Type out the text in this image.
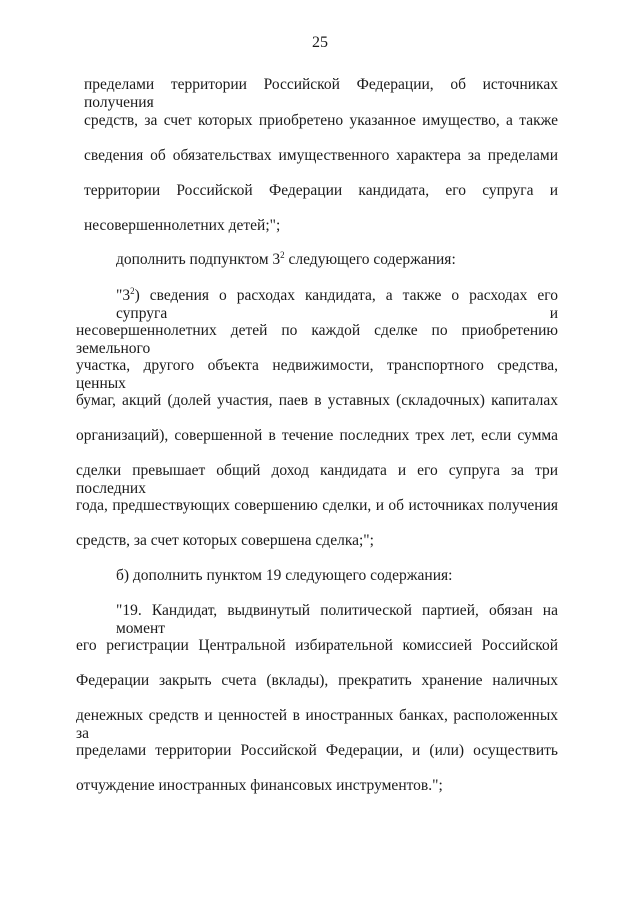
25
пределами территории Российской Федерации, об источниках получения
средств, за счет которых приобретено указанное имущество, а также
сведения об обязательствах имущественного характера за пределами
территории Российской Федерации кандидата, его супруга и
несовершеннолетних детей;";
дополнить подпунктом $3^2$ следующего содержания:
"$3^2$) сведения о расходах кандидата, а также о расходах его супруга и
несовершеннолетних детей по каждой сделке по приобретению земельного
участка, другого объекта недвижимости, транспортного средства, ценных
бумаг, акций (долей участия, паев в уставных (складочных) капиталах
организаций), совершенной в течение последних трех лет, если сумма
сделки превышает общий доход кандидата и его супруга за три последних
года, предшествующих совершению сделки, и об источниках получения
средств, за счет которых совершена сделка;";
б) дополнить пунктом 19 следующего содержания:
"19. Кандидат, выдвинутый политической партией, обязан на момент
его регистрации Центральной избирательной комиссией Российской
Федерации закрыть счета (вклады), прекратить хранение наличных
денежных средств и ценностей в иностранных банках, расположенных за
пределами территории Российской Федерации, и (или) осуществить
отчуждение иностранных финансовых инструментов.";
